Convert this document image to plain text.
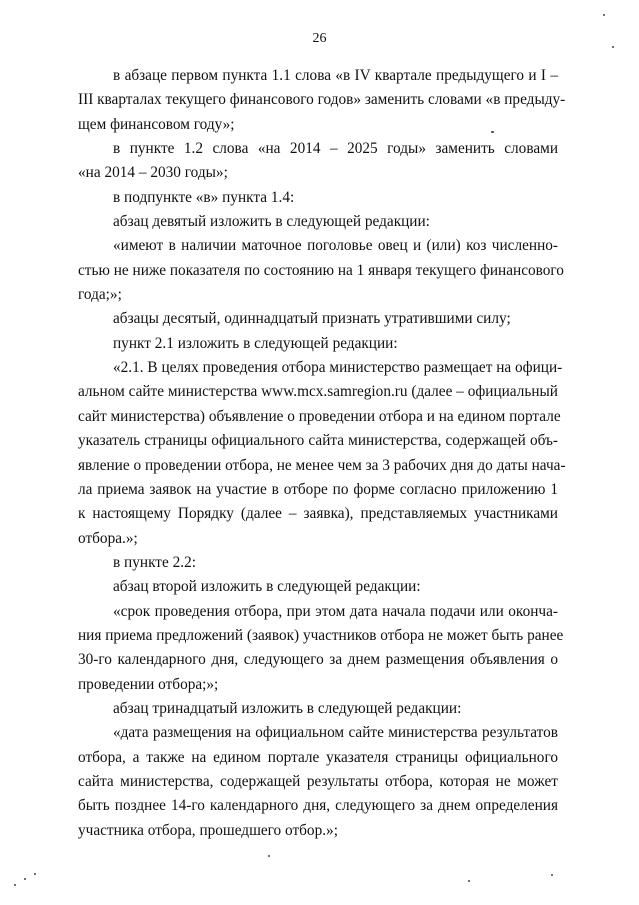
26
в абзаце первом пункта 1.1 слова «в IV квартале предыдущего и I –
III кварталах текущего финансового годов» заменить словами «в предыду-
щем финансовом году»;
в пункте 1.2 слова «на 2014 – 2025 годы» заменить словами
«на 2014 – 2030 годы»;
в подпункте «в» пункта 1.4:
абзац девятый изложить в следующей редакции:
«имеют в наличии маточное поголовье овец и (или) коз численно-
стью не ниже показателя по состоянию на 1 января текущего финансового
года;»;
абзацы десятый, одиннадцатый признать утратившими силу;
пункт 2.1 изложить в следующей редакции:
«2.1. В целях проведения отбора министерство размещает на офици-
альном сайте министерства www.mcx.samregion.ru (далее – официальный
сайт министерства) объявление о проведении отбора и на едином портале
указатель страницы официального сайта министерства, содержащей объ-
явление о проведении отбора, не менее чем за 3 рабочих дня до даты нача-
ла приема заявок на участие в отборе по форме согласно приложению 1
к настоящему Порядку (далее – заявка), представляемых участниками
отбора.»;
в пункте 2.2:
абзац второй изложить в следующей редакции:
«срок проведения отбора, при этом дата начала подачи или оконча-
ния приема предложений (заявок) участников отбора не может быть ранее
30-го календарного дня, следующего за днем размещения объявления о
проведении отбора;»;
абзац тринадцатый изложить в следующей редакции:
«дата размещения на официальном сайте министерства результатов
отбора, а также на едином портале указателя страницы официального
сайта министерства, содержащей результаты отбора, которая не может
быть позднее 14-го календарного дня, следующего за днем определения
участника отбора, прошедшего отбор.»;
